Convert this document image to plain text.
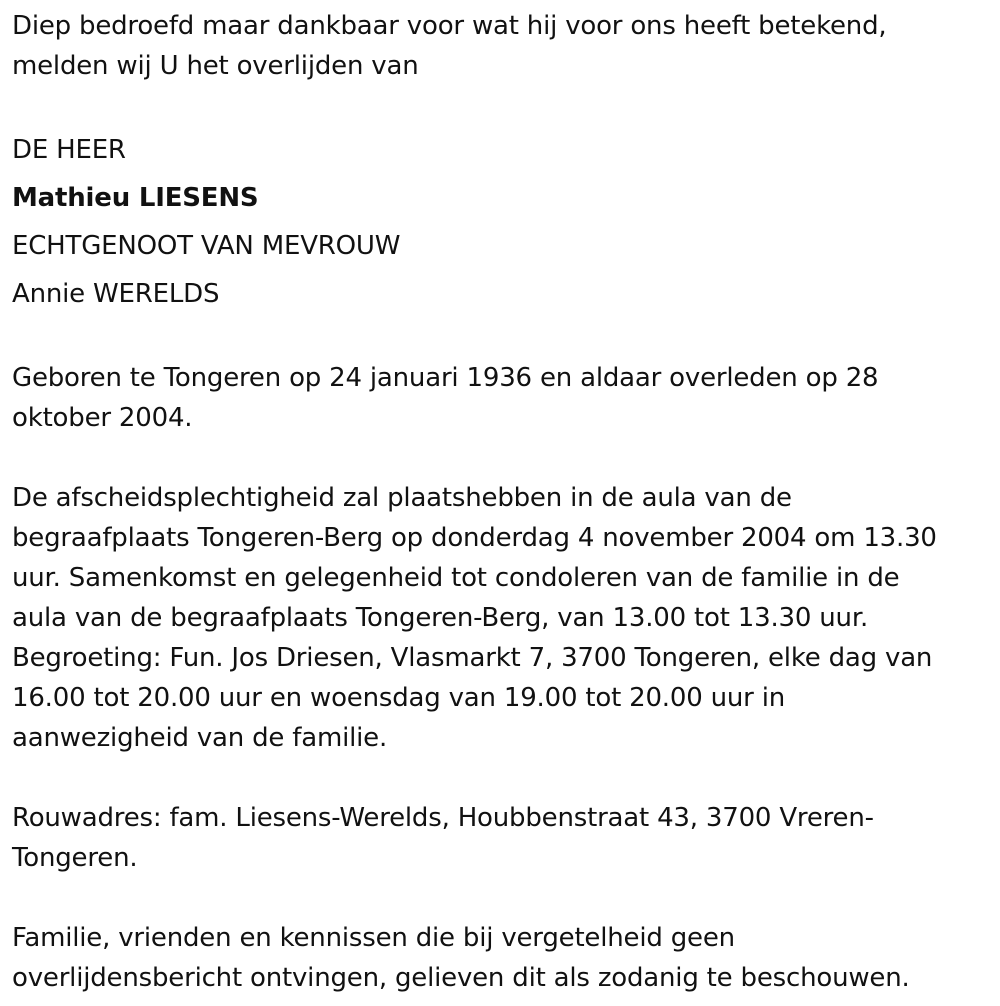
Diep bedroefd maar dankbaar voor wat hij voor ons heeft betekend,
melden wij U het overlijden van

DE HEER

Mathieu LIESENS

ECHTGENOOT VAN MEVROUW

Annie WERELDS

Geboren te Tongeren op 24 januari 1936 en aldaar overleden op 28
oktober 2004.

De afscheidsplechtigheid zal plaatshebben in de aula van de
begraafplaats Tongeren-Berg op donderdag 4 november 2004 om 13.30
uur. Samenkomst en gelegenheid tot condoleren van de familie in de
aula van de begraafplaats Tongeren-Berg, van 13.00 tot 13.30 uur.
Begroeting: Fun. Jos Driesen, Vlasmarkt 7, 3700 Tongeren, elke dag van
16.00 tot 20.00 uur en woensdag van 19.00 tot 20.00 uur in
aanwezigheid van de familie.

Rouwadres: fam. Liesens-Werelds, Houbbenstraat 43, 3700 Vreren-
Tongeren.

Familie, vrienden en kennissen die bij vergetelheid geen
overlijdensbericht ontvingen, gelieven dit als zodanig te beschouwen.
